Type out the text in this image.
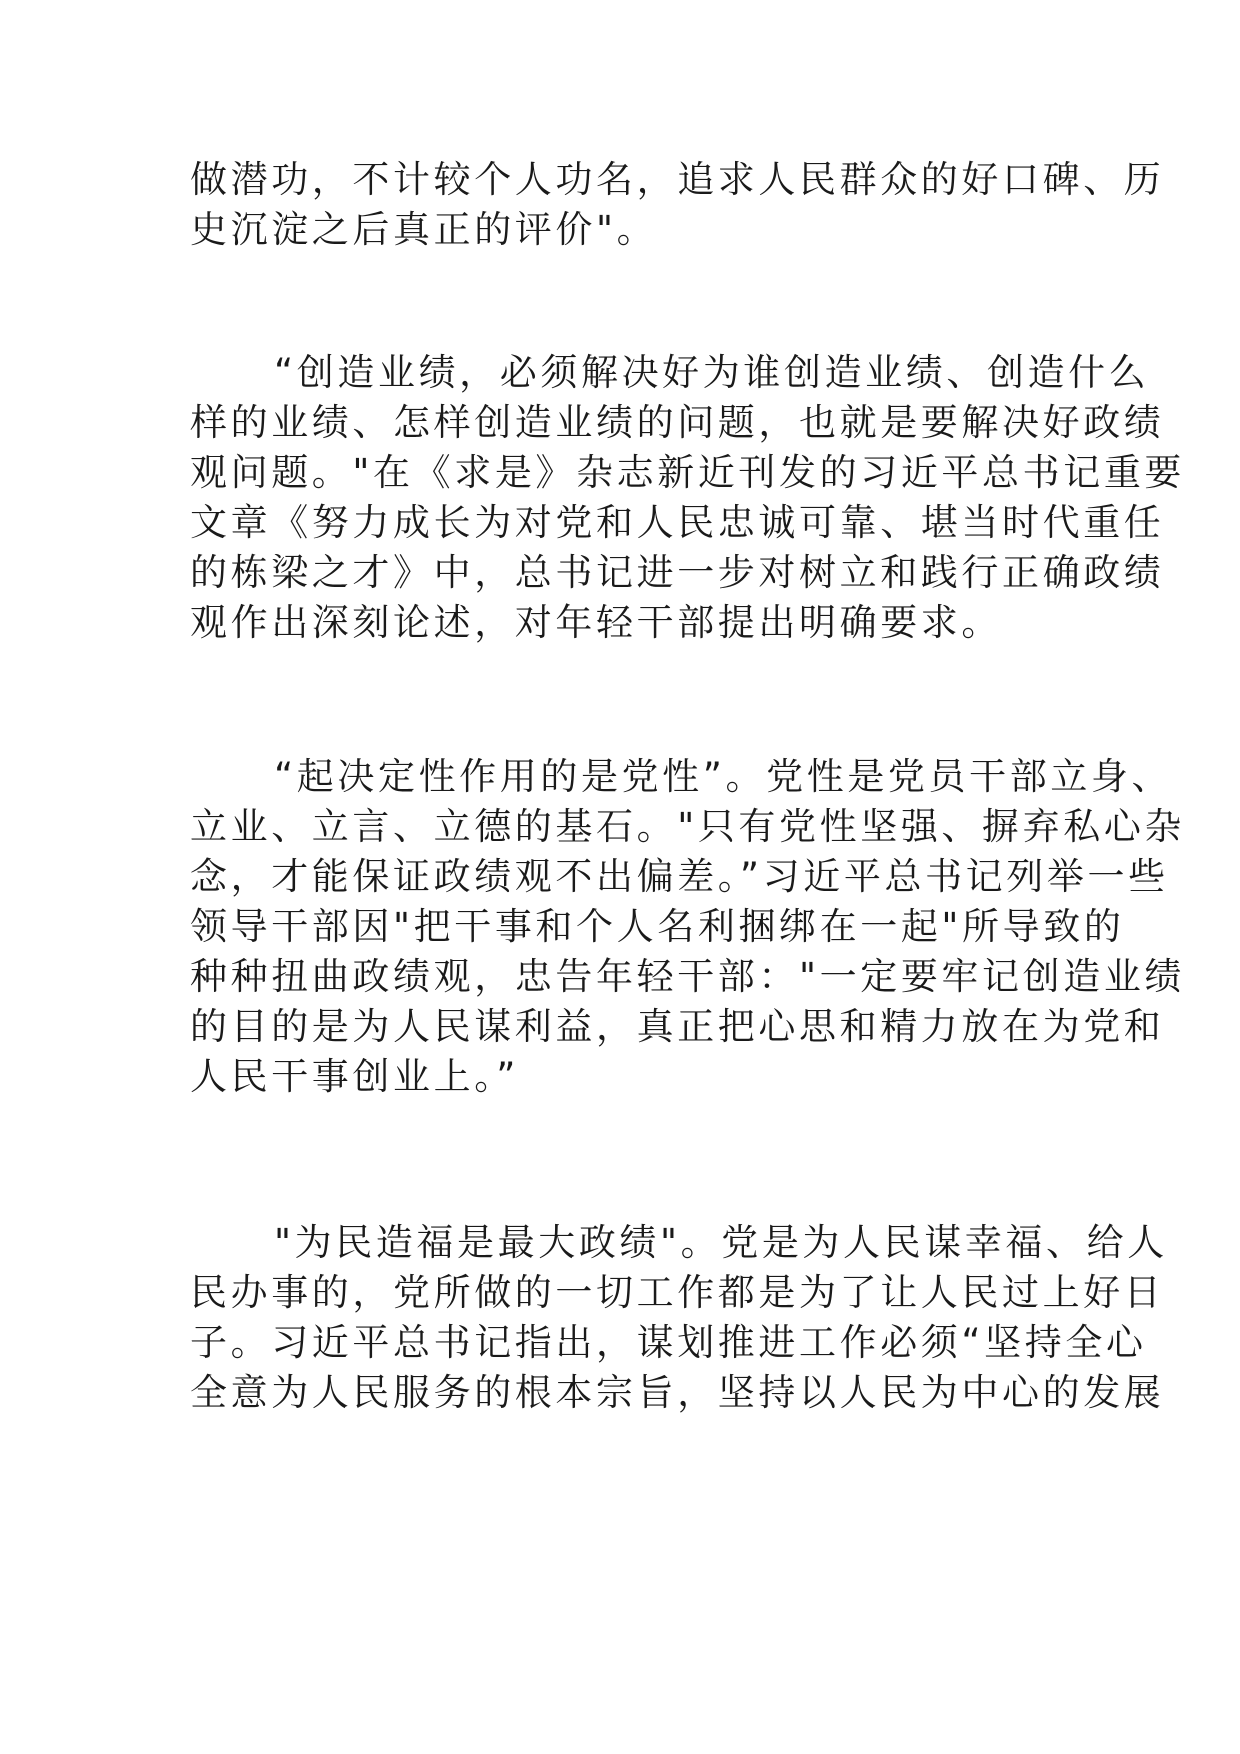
做潜功，不计较个人功名，追求人民群众的好口碑、历
史沉淀之后真正的评价"。
“创造业绩，必须解决好为谁创造业绩、创造什么
样的业绩、怎样创造业绩的问题，也就是要解决好政绩
观问题。"在《求是》杂志新近刊发的习近平总书记重要
文章《努力成长为对党和人民忠诚可靠、堪当时代重任
的栋梁之才》中，总书记进一步对树立和践行正确政绩
观作出深刻论述，对年轻干部提出明确要求。
“起决定性作用的是党性”。党性是党员干部立身、
立业、立言、立德的基石。"只有党性坚强、摒弃私心杂
念，才能保证政绩观不出偏差。”习近平总书记列举一些
领导干部因"把干事和个人名利捆绑在一起"所导致的
种种扭曲政绩观，忠告年轻干部："一定要牢记创造业绩
的目的是为人民谋利益，真正把心思和精力放在为党和
人民干事创业上。”
"为民造福是最大政绩"。党是为人民谋幸福、给人
民办事的，党所做的一切工作都是为了让人民过上好日
子。习近平总书记指出，谋划推进工作必须“坚持全心
全意为人民服务的根本宗旨，坚持以人民为中心的发展
